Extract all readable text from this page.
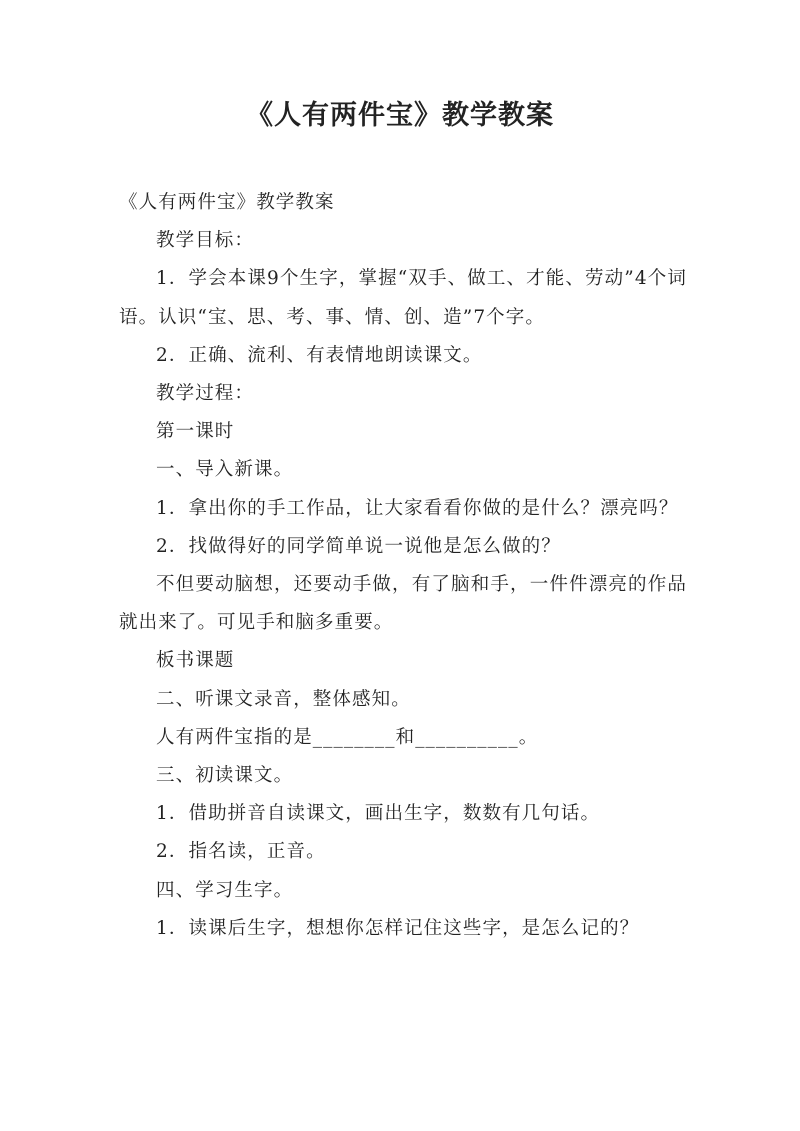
《人有两件宝》教学教案

《人有两件宝》教学教案

教学目标：

1．学会本课9个生字，掌握“双手、做工、才能、劳动”4个词语。认识“宝、思、考、事、情、创、造”7个字。

2．正确、流利、有表情地朗读课文。

教学过程：

第一课时

一、导入新课。

1．拿出你的手工作品，让大家看看你做的是什么？漂亮吗？

2．找做得好的同学简单说一说他是怎么做的？

不但要动脑想，还要动手做，有了脑和手，一件件漂亮的作品就出来了。可见手和脑多重要。

板书课题

二、听课文录音，整体感知。

人有两件宝指的是________和__________。

三、初读课文。

1．借助拼音自读课文，画出生字，数数有几句话。

2．指名读，正音。

四、学习生字。

1．读课后生字，想想你怎样记住这些字，是怎么记的？
